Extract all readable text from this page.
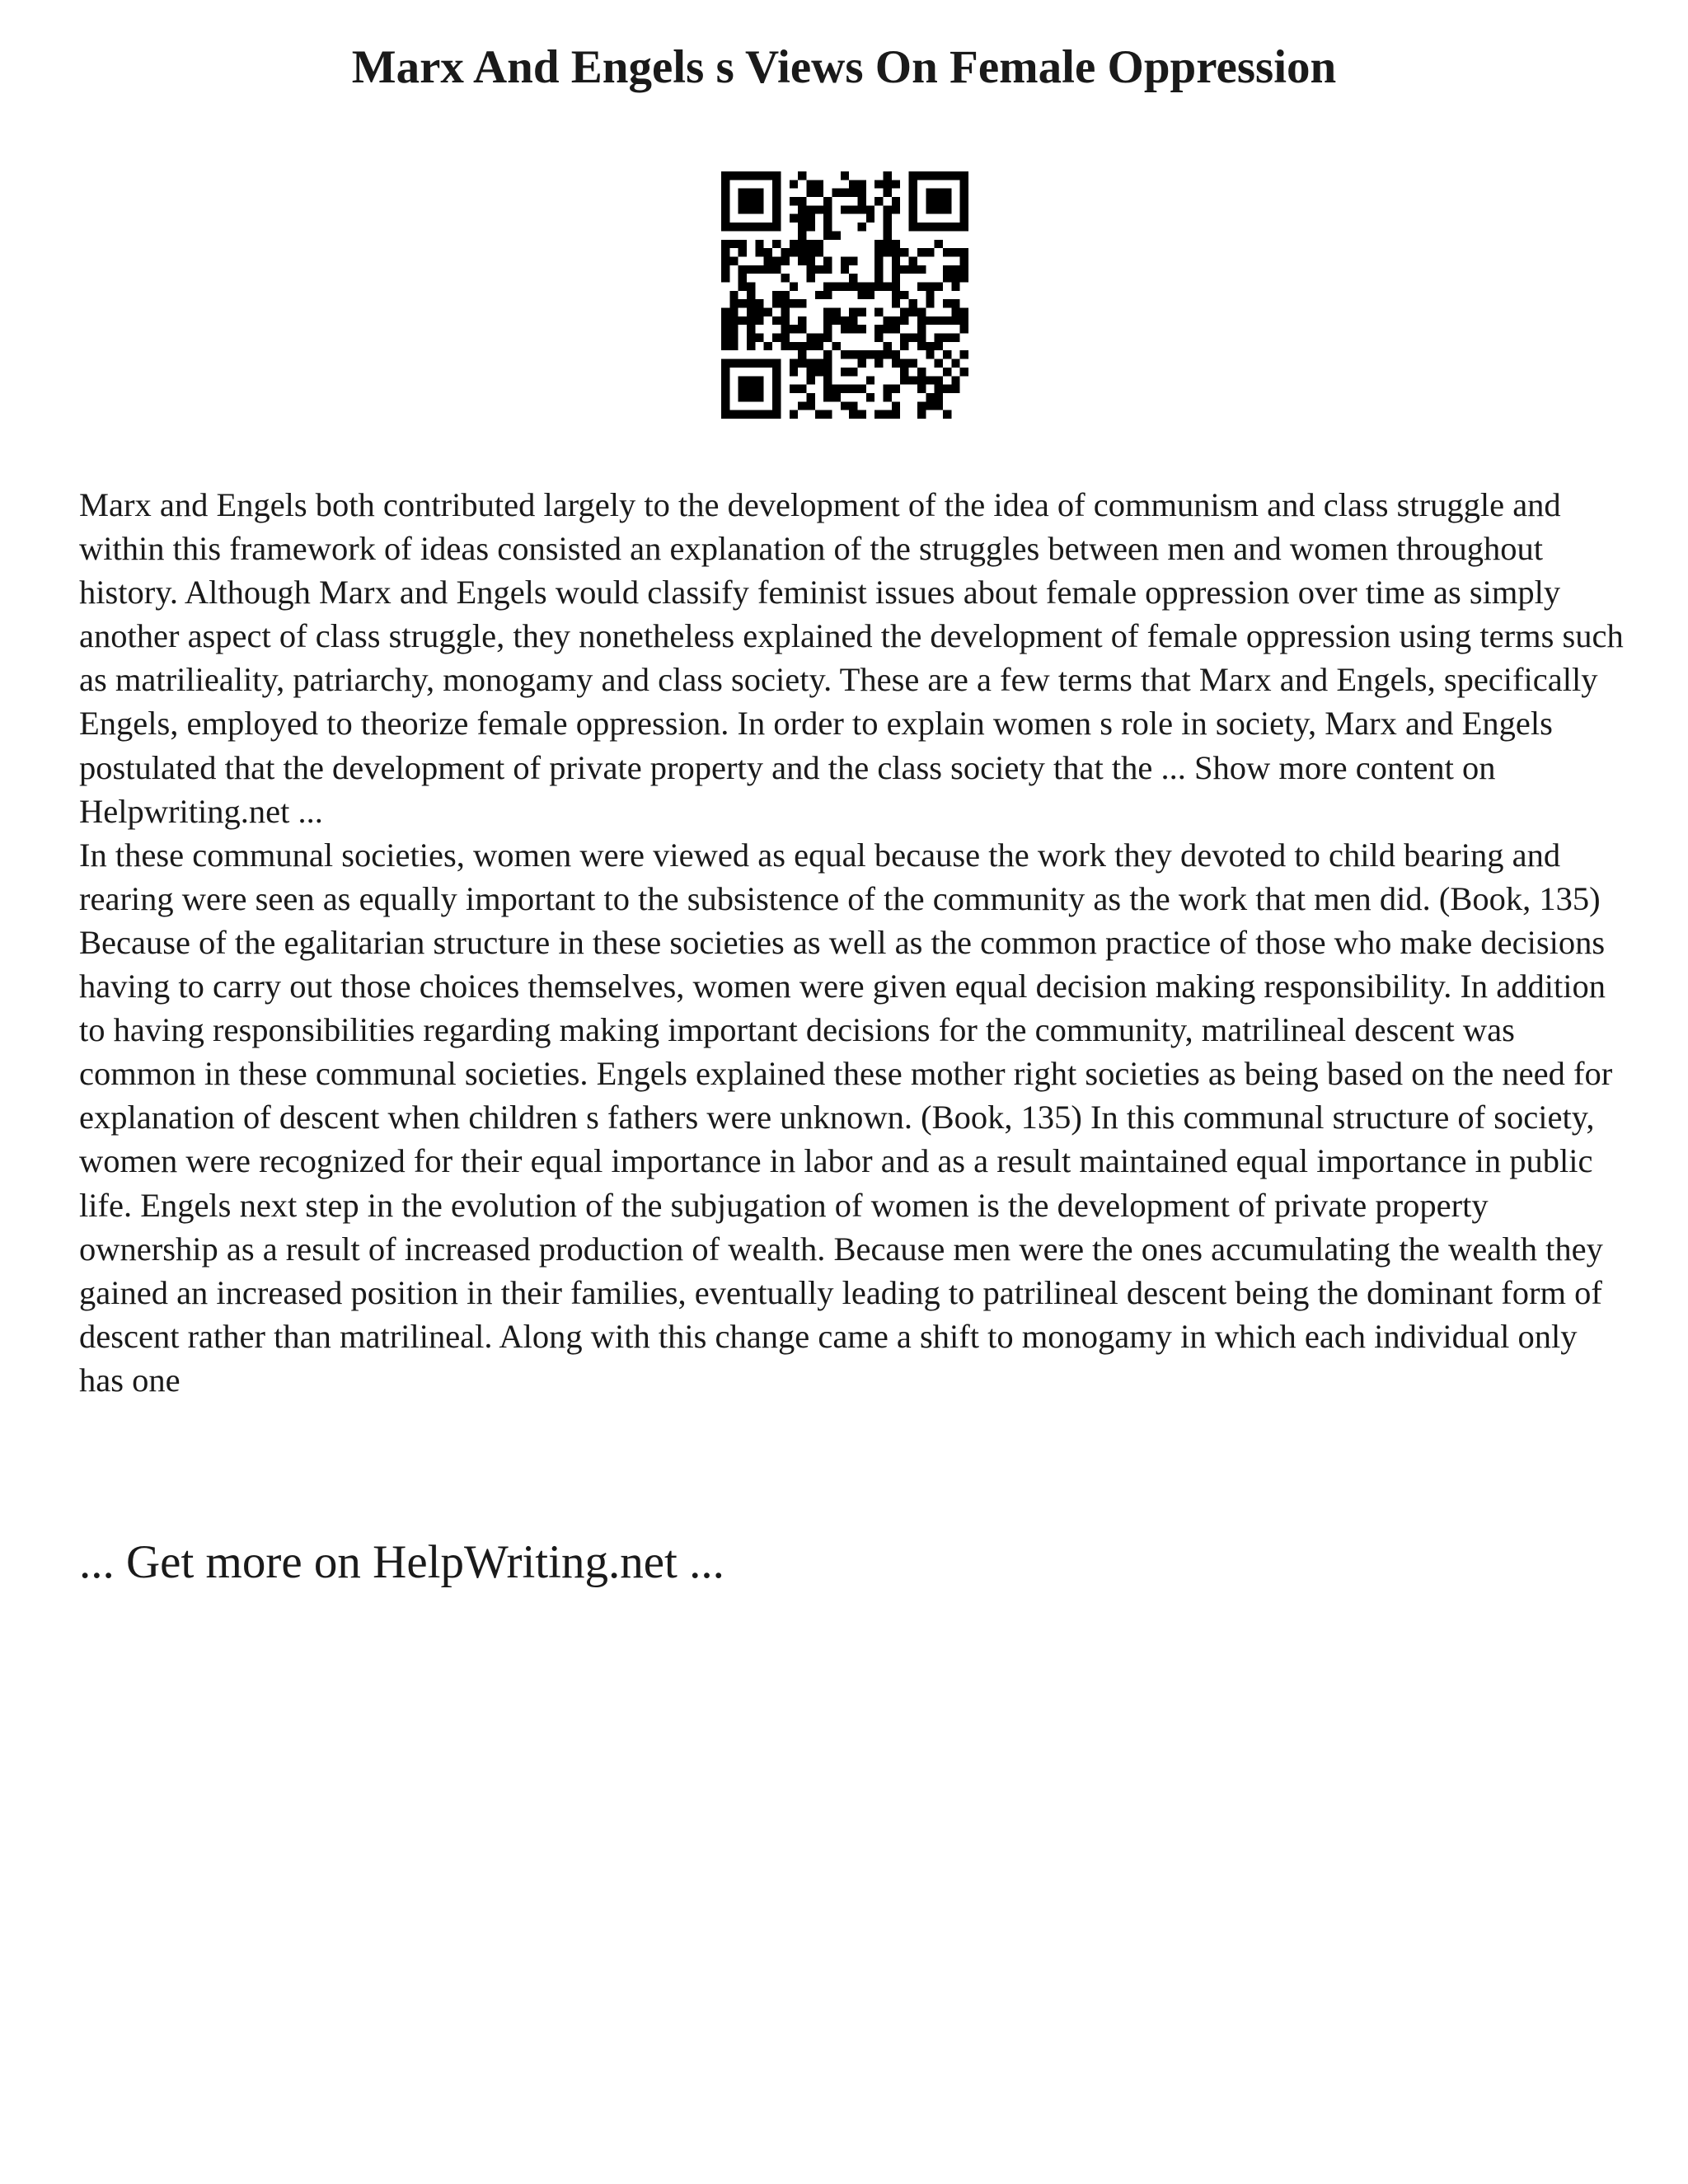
Marx And Engels s Views On Female Oppression

Marx and Engels both contributed largely to the development of the idea of communism and class struggle and within this framework of ideas consisted an explanation of the struggles between men and women throughout history. Although Marx and Engels would classify feminist issues about female oppression over time as simply another aspect of class struggle, they nonetheless explained the development of female oppression using terms such as matrilieality, patriarchy, monogamy and class society. These are a few terms that Marx and Engels, specifically Engels, employed to theorize female oppression. In order to explain women s role in society, Marx and Engels postulated that the development of private property and the class society that the ... Show more content on Helpwriting.net ...

In these communal societies, women were viewed as equal because the work they devoted to child bearing and rearing were seen as equally important to the subsistence of the community as the work that men did. (Book, 135) Because of the egalitarian structure in these societies as well as the common practice of those who make decisions having to carry out those choices themselves, women were given equal decision making responsibility. In addition to having responsibilities regarding making important decisions for the community, matrilineal descent was common in these communal societies. Engels explained these mother right societies as being based on the need for explanation of descent when children s fathers were unknown. (Book, 135) In this communal structure of society, women were recognized for their equal importance in labor and as a result maintained equal importance in public life. Engels next step in the evolution of the subjugation of women is the development of private property ownership as a result of increased production of wealth. Because men were the ones accumulating the wealth they gained an increased position in their families, eventually leading to patrilineal descent being the dominant form of descent rather than matrilineal. Along with this change came a shift to monogamy in which each individual only has one

... Get more on HelpWriting.net ...
